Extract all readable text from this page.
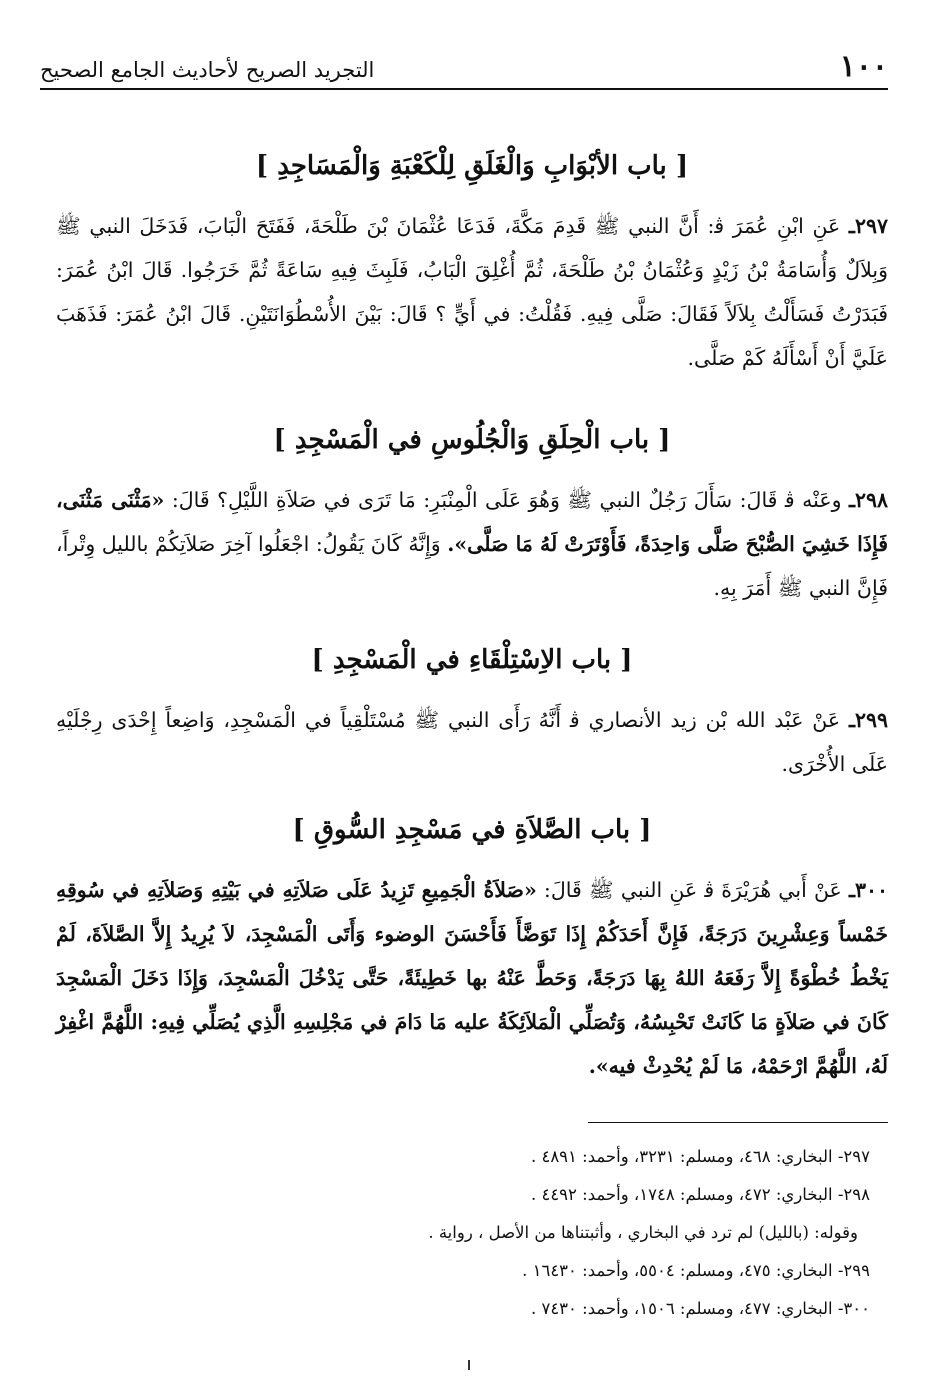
١٠٠
التجريد الصريح لأحاديث الجامع الصحيح
[ باب الأبْوَابِ وَالْغَلَقِ لِلْكَعْبَةِ وَالْمَسَاجِدِ ]

٢٩٧ـ عَنِ ابْنِ عُمَرَ ﭬ: أَنَّ النبي ﷺ قَدِمَ مَكَّةَ، فَدَعَا عُثْمَانَ بْنَ طَلْحَةَ، فَفَتَحَ الْبَابَ، فَدَخَلَ النبي ﷺ وَبِلاَلٌ وَأُسَامَةُ بْنُ زَيْدٍ وَعُثْمَانُ بْنُ طَلْحَةَ، ثُمَّ أُغْلِقَ الْبَابُ، فَلَبِثَ فِيهِ سَاعَةً ثُمَّ خَرَجُوا. قَالَ ابْنُ عُمَرَ: فَبَدَرْتُ فَسَأَلْتُ بِلاَلاً فَقَالَ: صَلَّى فِيهِ. فَقُلْتُ: في أَيٍّ ؟ قَالَ: بَيْنَ الأُسْطُوَانَتَيْنِ. قَالَ ابْنُ عُمَرَ: فَذَهَبَ عَلَيَّ أَنْ أَسْأَلَهُ كَمْ صَلَّى.

[ باب الْحِلَقِ وَالْجُلُوسِ في الْمَسْجِدِ ]

٢٩٨ـ وعَنْه ﭬ قَالَ: سَأَلَ رَجُلٌ النبي ﷺ وَهُوَ عَلَى الْمِنْبَرِ: مَا تَرَى في صَلاَةِ اللَّيْلِ؟ قَالَ: «مَثْنَى مَثْنَى، فَإِذَا خَشِيَ الصُّبْحَ صَلَّى وَاحِدَةً، فَأَوْتَرَتْ لَهُ مَا صَلَّى». وَإِنَّهُ كَانَ يَقُولُ: اجْعَلُوا آخِرَ صَلاَتِكُمْ بالليل وِتْراً، فَإِنَّ النبي ﷺ أَمَرَ بِهِ.

[ باب الاِسْتِلْقَاءِ في الْمَسْجِدِ ]

٢٩٩ـ عَنْ عَبْد الله بْن زيد الأنصاري ﭬ أَنَّهُ رَأَى النبي ﷺ مُسْتَلْقِياً في الْمَسْجِدِ، وَاضِعاً إِحْدَى رِجْلَيْهِ عَلَى الأُخْرَى.

[ باب الصَّلاَةِ في مَسْجِدِ السُّوقِ ]

٣٠٠ـ عَنْ أَبي هُرَيْرَةَ ﭬ عَنِ النبي ﷺ قَالَ: «صَلاَةُ الْجَمِيعِ تَزِيدُ عَلَى صَلاَتِهِ في بَيْتِهِ وَصَلاَتِهِ في سُوقِهِ خَمْساً وَعِشْرِينَ دَرَجَةً، فَإِنَّ أَحَدَكُمْ إِذَا تَوَضَّأَ فَأَحْسَنَ الوضوء وَأَتَى الْمَسْجِدَ، لاَ يُرِيدُ إِلاَّ الصَّلاَةَ، لَمْ يَخْطُ خُطْوَةً إِلاَّ رَفَعَهُ اللهُ بِهَا دَرَجَةً، وَحَطَّ عَنْهُ بها خَطِيئَةً، حَتَّى يَدْخُلَ الْمَسْجِدَ، وَإِذَا دَخَلَ الْمَسْجِدَ كَانَ في صَلاَةٍ مَا كَانَتْ تَحْبِسُهُ، وَتُصَلِّي الْمَلاَئِكَةُ عليه مَا دَامَ في مَجْلِسِهِ الَّذِي يُصَلِّي فِيهِ: اللَّهُمَّ اغْفِرْ لَهُ، اللَّهُمَّ ارْحَمْهُ، مَا لَمْ يُحْدِثْ فيه».

٢٩٧- البخاري: ٤٦٨، ومسلم: ٣٢٣١، وأحمد: ٤٨٩١ .
٢٩٨- البخاري: ٤٧٢، ومسلم: ١٧٤٨، وأحمد: ٤٤٩٢ .
وقوله: (بالليل) لم ترد في البخاري ، وأثبتناها من الأصل ، رواية .
٢٩٩- البخاري: ٤٧٥، ومسلم: ٥٥٠٤، وأحمد: ١٦٤٣٠ .
٣٠٠- البخاري: ٤٧٧، ومسلم: ١٥٠٦، وأحمد: ٧٤٣٠ .
